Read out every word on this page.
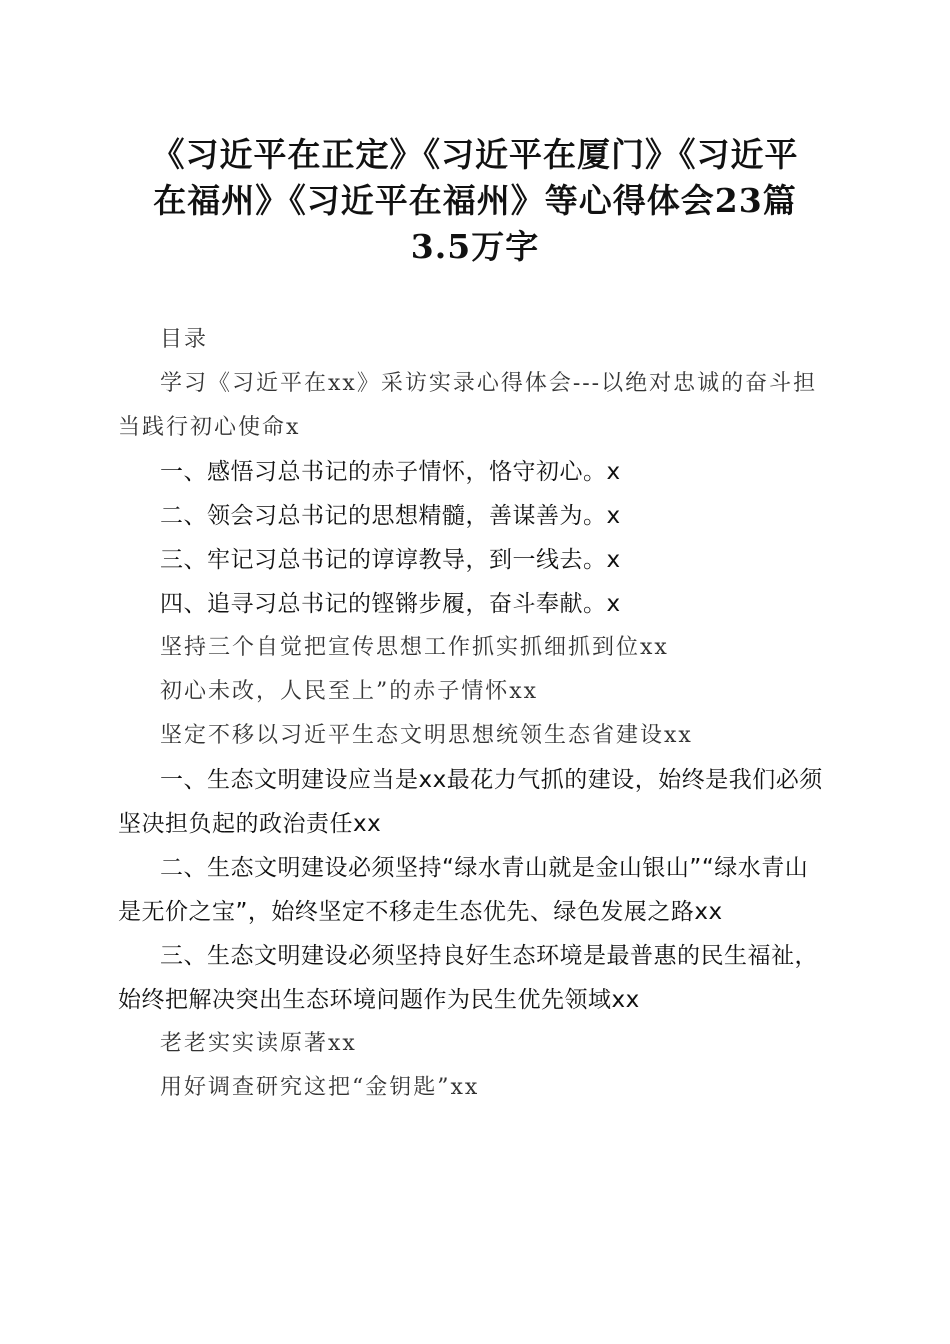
《习近平在正定》《习近平在厦门》《习近平
在福州》《习近平在福州》等心得体会23篇
3.5万字

目录

学习《习近平在xx》采访实录心得体会---以绝对忠诚的奋斗担当践行初心使命x

一、感悟习总书记的赤子情怀，恪守初心。x

二、领会习总书记的思想精髓，善谋善为。x

三、牢记习总书记的谆谆教导，到一线去。x

四、追寻习总书记的铿锵步履，奋斗奉献。x

坚持三个自觉把宣传思想工作抓实抓细抓到位xx

初心未改，人民至上”的赤子情怀xx

坚定不移以习近平生态文明思想统领生态省建设xx

一、生态文明建设应当是xx最花力气抓的建设，始终是我们必须坚决担负起的政治责任xx

二、生态文明建设必须坚持“绿水青山就是金山银山”“绿水青山是无价之宝”，始终坚定不移走生态优先、绿色发展之路xx

三、生态文明建设必须坚持良好生态环境是最普惠的民生福祉，始终把解决突出生态环境问题作为民生优先领域xx

老老实实读原著xx

用好调查研究这把“金钥匙”xx
